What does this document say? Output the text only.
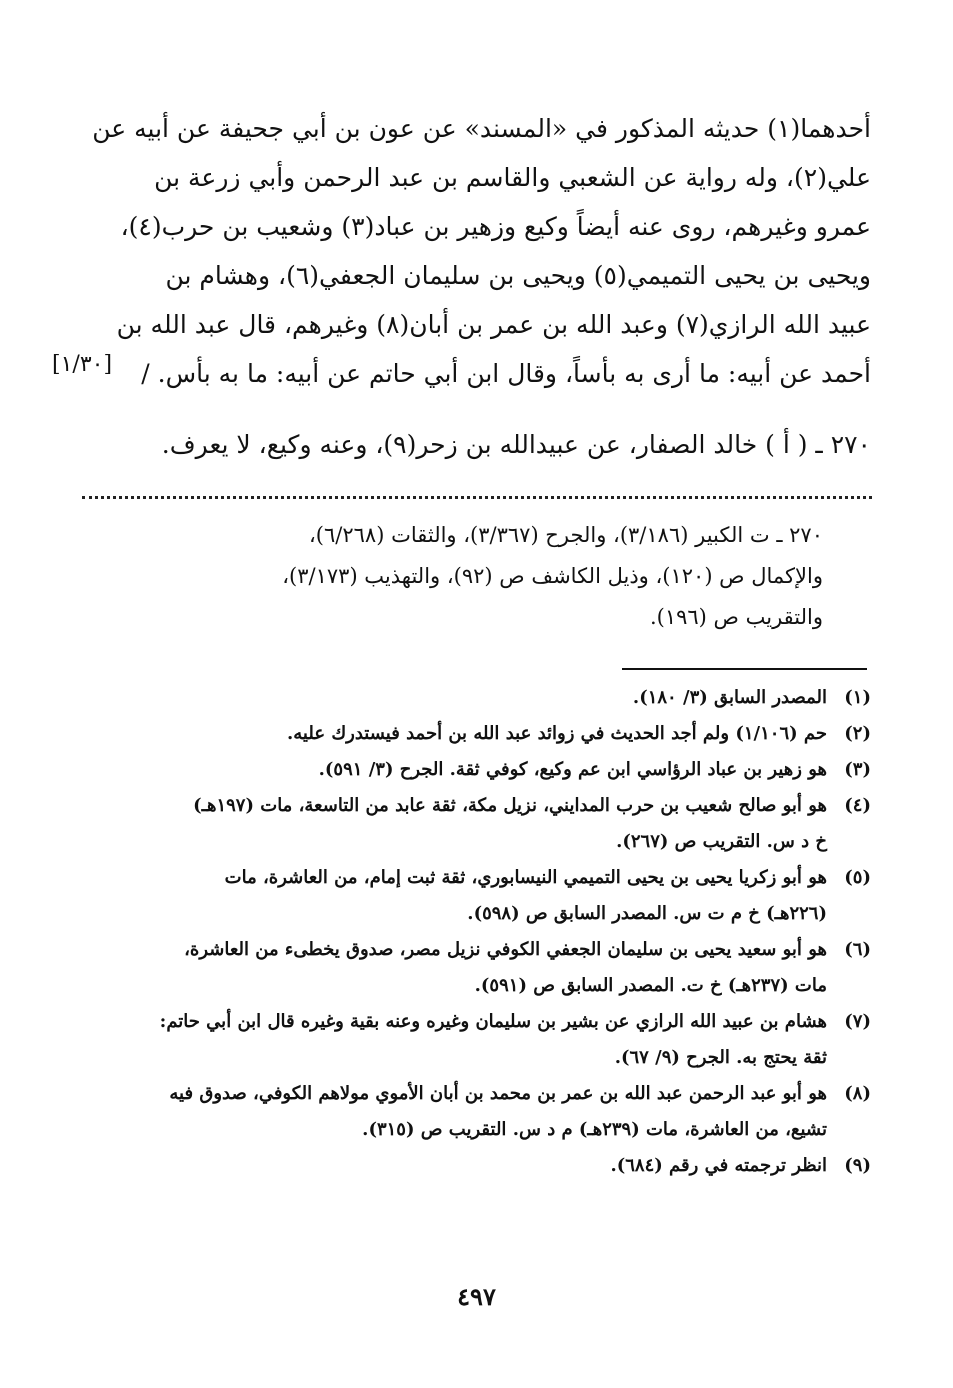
أحدهما(١) حديثه المذكور في «المسند» عن عون بن أبي جحيفة عن أبيه عن
علي(٢)، وله رواية عن الشعبي والقاسم بن عبد الرحمن وأبي زرعة بن
عمرو وغيرهم، روى عنه أيضاً وكيع وزهير بن عباد(٣) وشعيب بن حرب(٤)،
ويحيى بن يحيى التميمي(٥) ويحيى بن سليمان الجعفي(٦)، وهشام بن
عبيد الله الرازي(٧) وعبد الله بن عمر بن أبان(٨) وغيرهم، قال عبد الله بن
أحمد عن أبيه: ما أرى به بأساً، وقال ابن أبي حاتم عن أبيه: ما به بأس. /
[١/٣٠]
٢٧٠ ـ ( أ ) خالد الصفار، عن عبيدالله بن زحر(٩)، وعنه وكيع، لا يعرف.
٢٧٠ ـ ت الكبير (٣/١٨٦)، والجرح (٣/٣٦٧)، والثقات (٦/٢٦٨)،
والإكمال ص (١٢٠)، وذيل الكاشف ص (٩٢)، والتهذيب (٣/١٧٣)،
والتقريب ص (١٩٦).
(١)
المصدر السابق (٣/ ١٨٠).
(٢)
حم (١/١٠٦) ولم أجد الحديث في زوائد عبد الله بن أحمد فيستدرك عليه.
(٣)
هو زهير بن عباد الرؤاسي ابن عم وكيع، كوفي ثقة. الجرح (٣/ ٥٩١).
(٤)
هو أبو صالح شعيب بن حرب المدايني، نزيل مكة، ثقة عابد من التاسعة، مات (١٩٧هـ)
خ د س. التقريب ص (٢٦٧).
(٥)
هو أبو زكريا يحيى بن يحيى التميمي النيسابوري، ثقة ثبت إمام، من العاشرة، مات
(٢٢٦هـ) خ م ت س. المصدر السابق ص (٥٩٨).
(٦)
هو أبو سعيد يحيى بن سليمان الجعفي الكوفي نزيل مصر، صدوق يخطىء من العاشرة،
مات (٢٣٧هـ) خ ت. المصدر السابق ص (٥٩١).
(٧)
هشام بن عبيد الله الرازي عن بشير بن سليمان وغيره وعنه بقية وغيره قال ابن أبي حاتم:
ثقة يحتج به. الجرح (٩/ ٦٧).
(٨)
هو أبو عبد الرحمن عبد الله بن عمر بن محمد بن أبان الأموي مولاهم الكوفي، صدوق فيه
تشيع، من العاشرة، مات (٢٣٩هـ) م د س. التقريب ص (٣١٥).
(٩)
انظر ترجمته في رقم (٦٨٤).
٤٩٧
